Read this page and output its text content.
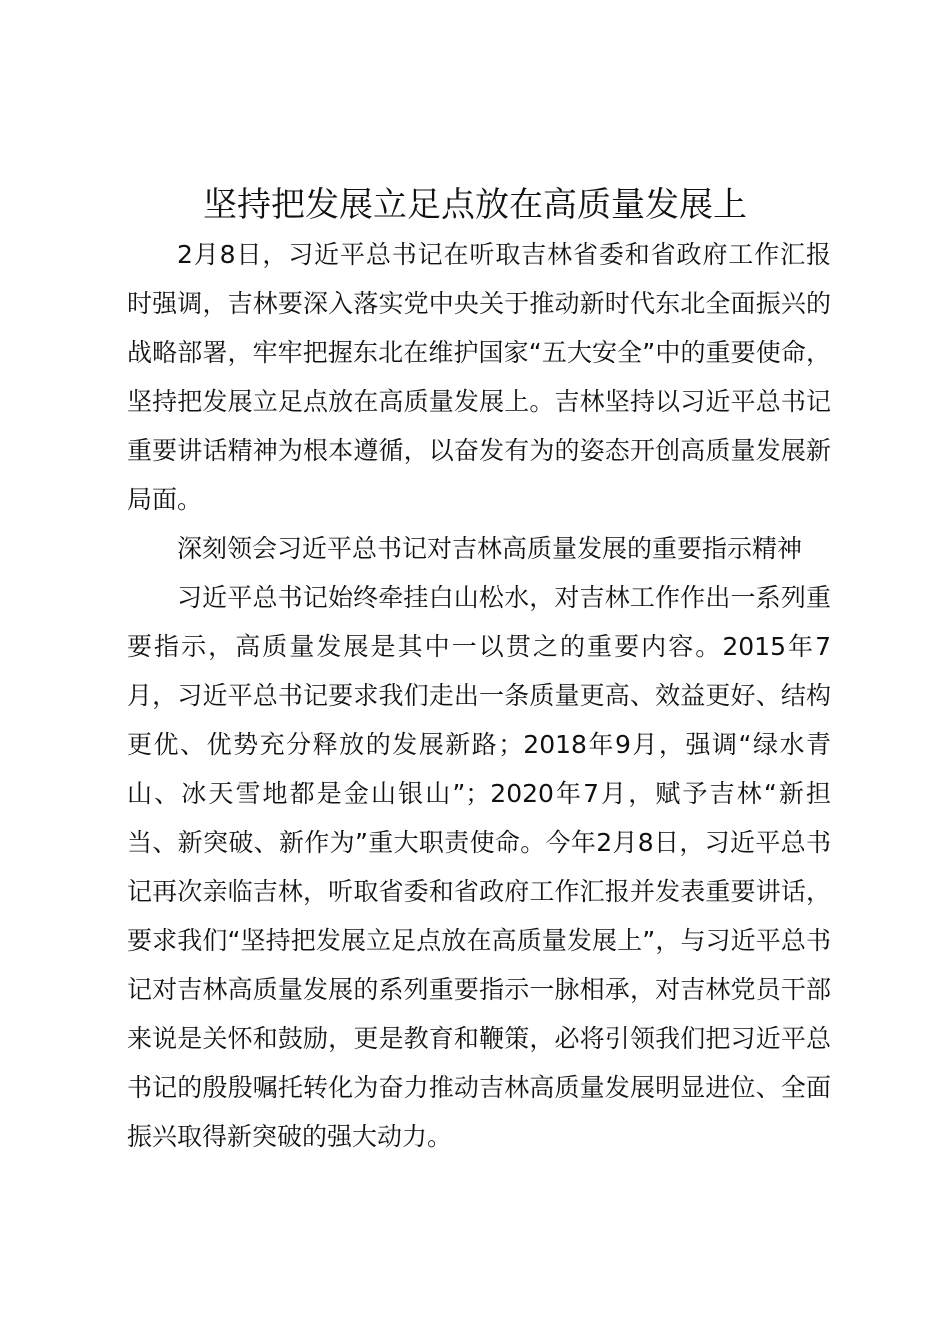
坚持把发展立足点放在高质量发展上

2月8日，习近平总书记在听取吉林省委和省政府工作汇报时强调，吉林要深入落实党中央关于推动新时代东北全面振兴的战略部署，牢牢把握东北在维护国家“五大安全”中的重要使命，坚持把发展立足点放在高质量发展上。吉林坚持以习近平总书记重要讲话精神为根本遵循，以奋发有为的姿态开创高质量发展新局面。

深刻领会习近平总书记对吉林高质量发展的重要指示精神

习近平总书记始终牵挂白山松水，对吉林工作作出一系列重要指示，高质量发展是其中一以贯之的重要内容。2015年7月，习近平总书记要求我们走出一条质量更高、效益更好、结构更优、优势充分释放的发展新路；2018年9月，强调“绿水青山、冰天雪地都是金山银山”；2020年7月，赋予吉林“新担当、新突破、新作为”重大职责使命。今年2月8日，习近平总书记再次亲临吉林，听取省委和省政府工作汇报并发表重要讲话，要求我们“坚持把发展立足点放在高质量发展上”，与习近平总书记对吉林高质量发展的系列重要指示一脉相承，对吉林党员干部来说是关怀和鼓励，更是教育和鞭策，必将引领我们把习近平总书记的殷殷嘱托转化为奋力推动吉林高质量发展明显进位、全面振兴取得新突破的强大动力。
